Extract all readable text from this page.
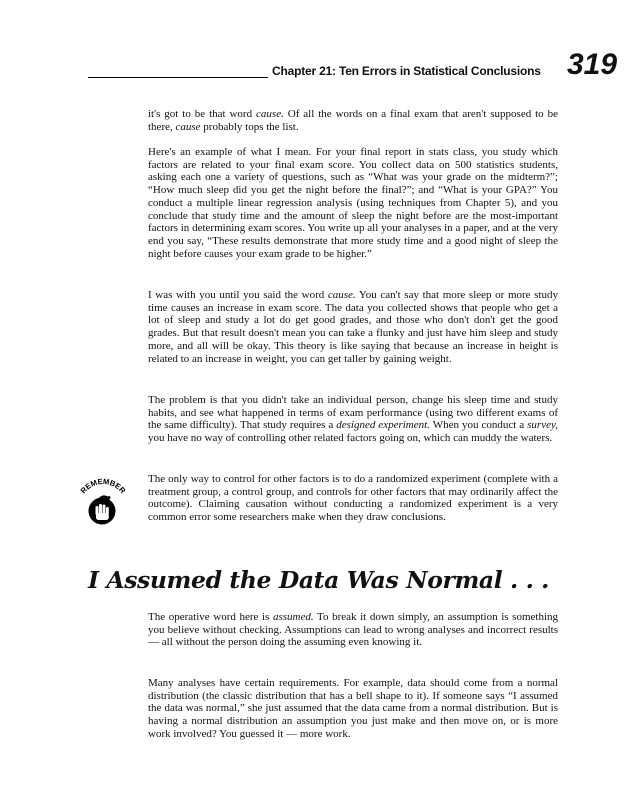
Chapter 21: Ten Errors in Statistical Conclusions 319

it's got to be that word cause. Of all the words on a final exam that aren't supposed to be there, cause probably tops the list.

Here's an example of what I mean. For your final report in stats class, you study which factors are related to your final exam score. You collect data on 500 statistics students, asking each one a variety of questions, such as “What was your grade on the midterm?”; “How much sleep did you get the night before the final?”; and “What is your GPA?” You conduct a multiple linear regression analysis (using techniques from Chapter 5), and you conclude that study time and the amount of sleep the night before are the most-important factors in determining exam scores. You write up all your analyses in a paper, and at the very end you say, “These results demonstrate that more study time and a good night of sleep the night before causes your exam grade to be higher.”

I was with you until you said the word cause. You can't say that more sleep or more study time causes an increase in exam score. The data you collected shows that people who get a lot of sleep and study a lot do get good grades, and those who don't don't get the good grades. But that result doesn't mean you can take a flunky and just have him sleep and study more, and all will be okay. This theory is like saying that because an increase in height is related to an increase in weight, you can get taller by gaining weight.

The problem is that you didn't take an individual person, change his sleep time and study habits, and see what happened in terms of exam performance (using two different exams of the same difficulty). That study requires a designed experiment. When you conduct a survey, you have no way of controlling other related factors going on, which can muddy the waters.

REMEMBER

The only way to control for other factors is to do a randomized experiment (complete with a treatment group, a control group, and controls for other factors that may ordinarily affect the outcome). Claiming causation without conducting a randomized experiment is a very common error some researchers make when they draw conclusions.

I Assumed the Data Was Normal . . .

The operative word here is assumed. To break it down simply, an assumption is something you believe without checking. Assumptions can lead to wrong analyses and incorrect results — all without the person doing the assuming even knowing it.

Many analyses have certain requirements. For example, data should come from a normal distribution (the classic distribution that has a bell shape to it). If someone says “I assumed the data was normal,” she just assumed that the data came from a normal distribution. But is having a normal distribution an assumption you just make and then move on, or is more work involved? You guessed it — more work.
